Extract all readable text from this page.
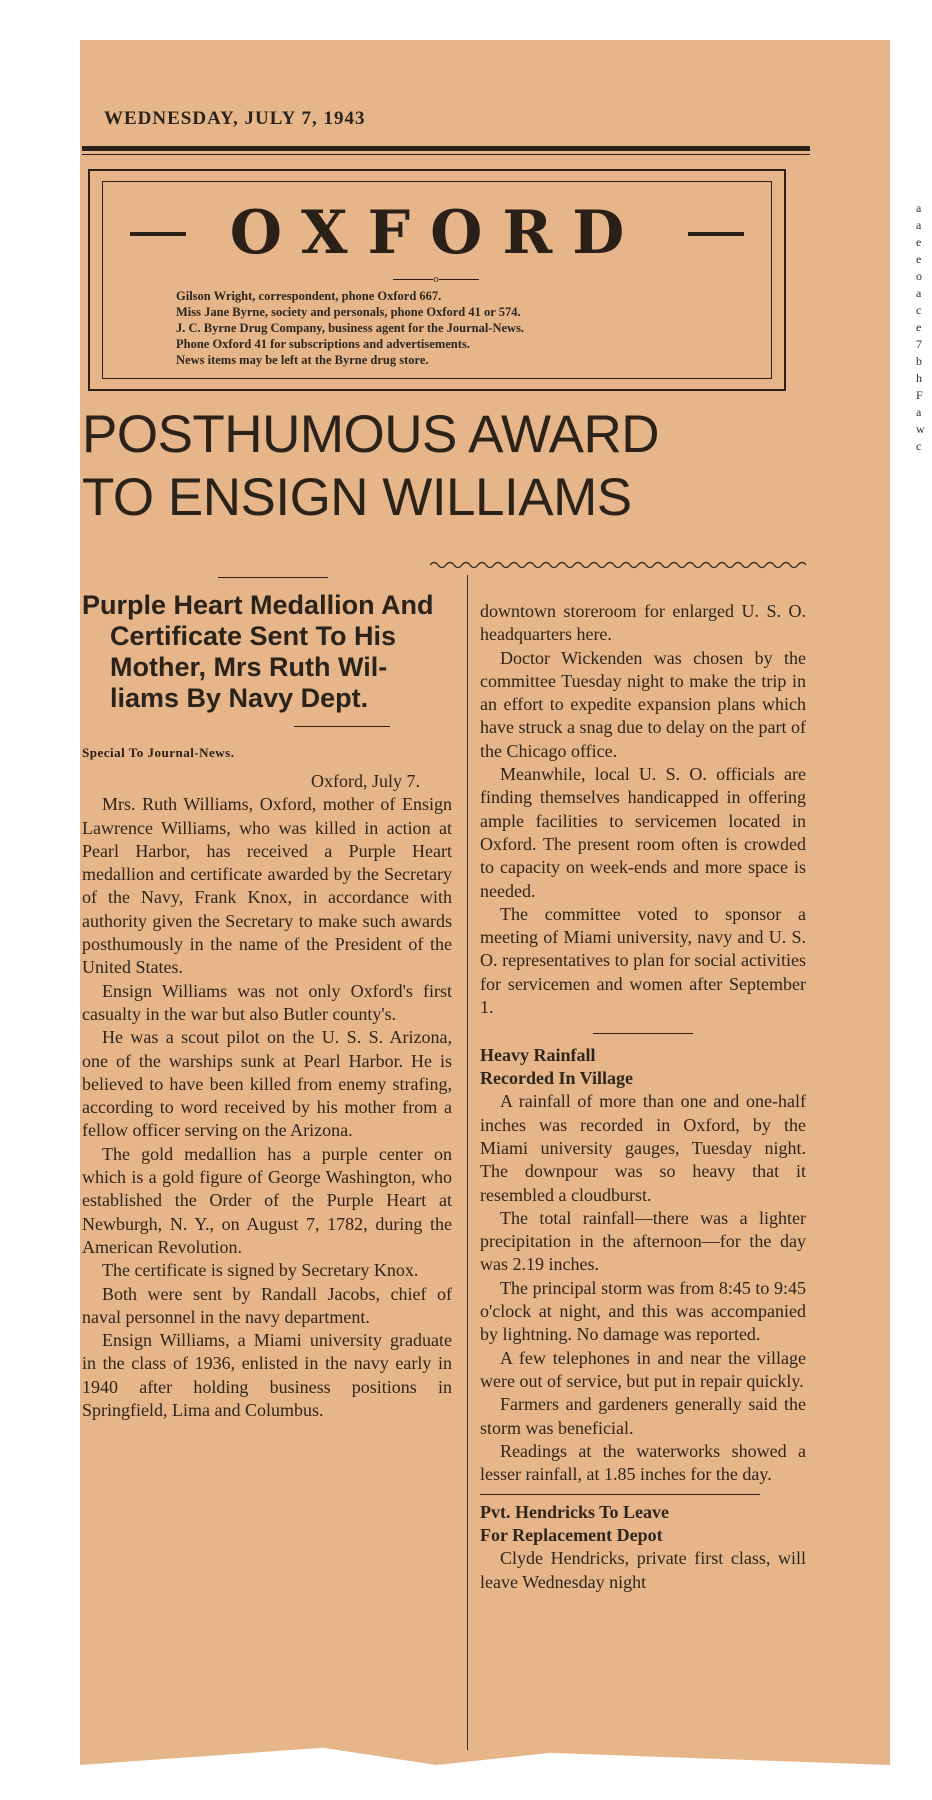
WEDNESDAY, JULY 7, 1943
OXFORD
o
Gilson Wright, correspondent, phone Oxford 667.
Miss Jane Byrne, society and personals, phone Oxford 41 or 574.
J. C. Byrne Drug Company, business agent for the Journal-News.
Phone Oxford 41 for subscriptions and advertisements.
News items may be left at the Byrne drug store.
POSTHUMOUS AWARD
TO ENSIGN WILLIAMS
Purple Heart Medallion And
Certificate Sent To His
Mother, Mrs Ruth Wil-
liams By Navy Dept.
Special To Journal-News.

Oxford, July 7.

Mrs. Ruth Williams, Oxford, mother of Ensign Lawrence Williams, who was killed in action at Pearl Harbor, has received a Purple Heart medallion and certificate awarded by the Secretary of the Navy, Frank Knox, in accordance with authority given the Secretary to make such awards posthumously in the name of the President of the United States.

Ensign Williams was not only Oxford's first casualty in the war but also Butler county's.

He was a scout pilot on the U. S. S. Arizona, one of the warships sunk at Pearl Harbor. He is believed to have been killed from enemy strafing, according to word received by his mother from a fellow officer serving on the Arizona.

The gold medallion has a purple center on which is a gold figure of George Washington, who established the Order of the Purple Heart at Newburgh, N. Y., on August 7, 1782, during the American Revolution.

The certificate is signed by Secretary Knox.

Both were sent by Randall Jacobs, chief of naval personnel in the navy department.

Ensign Williams, a Miami university graduate in the class of 1936, enlisted in the navy early in 1940 after holding business positions in Springfield, Lima and Columbus.

downtown storeroom for enlarged U. S. O. headquarters here.

Doctor Wickenden was chosen by the committee Tuesday night to make the trip in an effort to expedite expansion plans which have struck a snag due to delay on the part of the Chicago office.

Meanwhile, local U. S. O. officials are finding themselves handicapped in offering ample facilities to servicemen located in Oxford. The present room often is crowded to capacity on week-ends and more space is needed.

The committee voted to sponsor a meeting of Miami university, navy and U. S. O. representatives to plan for social activities for servicemen and women after September 1.

Heavy Rainfall
Recorded In Village

A rainfall of more than one and one-half inches was recorded in Oxford, by the Miami university gauges, Tuesday night. The downpour was so heavy that it resembled a cloudburst.

The total rainfall—there was a lighter precipitation in the afternoon—for the day was 2.19 inches.

The principal storm was from 8:45 to 9:45 o'clock at night, and this was accompanied by lightning. No damage was reported.

A few telephones in and near the village were out of service, but put in repair quickly.

Farmers and gardeners generally said the storm was beneficial.

Readings at the waterworks showed a lesser rainfall, at 1.85 inches for the day.

Pvt. Hendricks To Leave
For Replacement Depot

Clyde Hendricks, private first class, will leave Wednesday night

a a e e o a c e 7 b h F a w c
